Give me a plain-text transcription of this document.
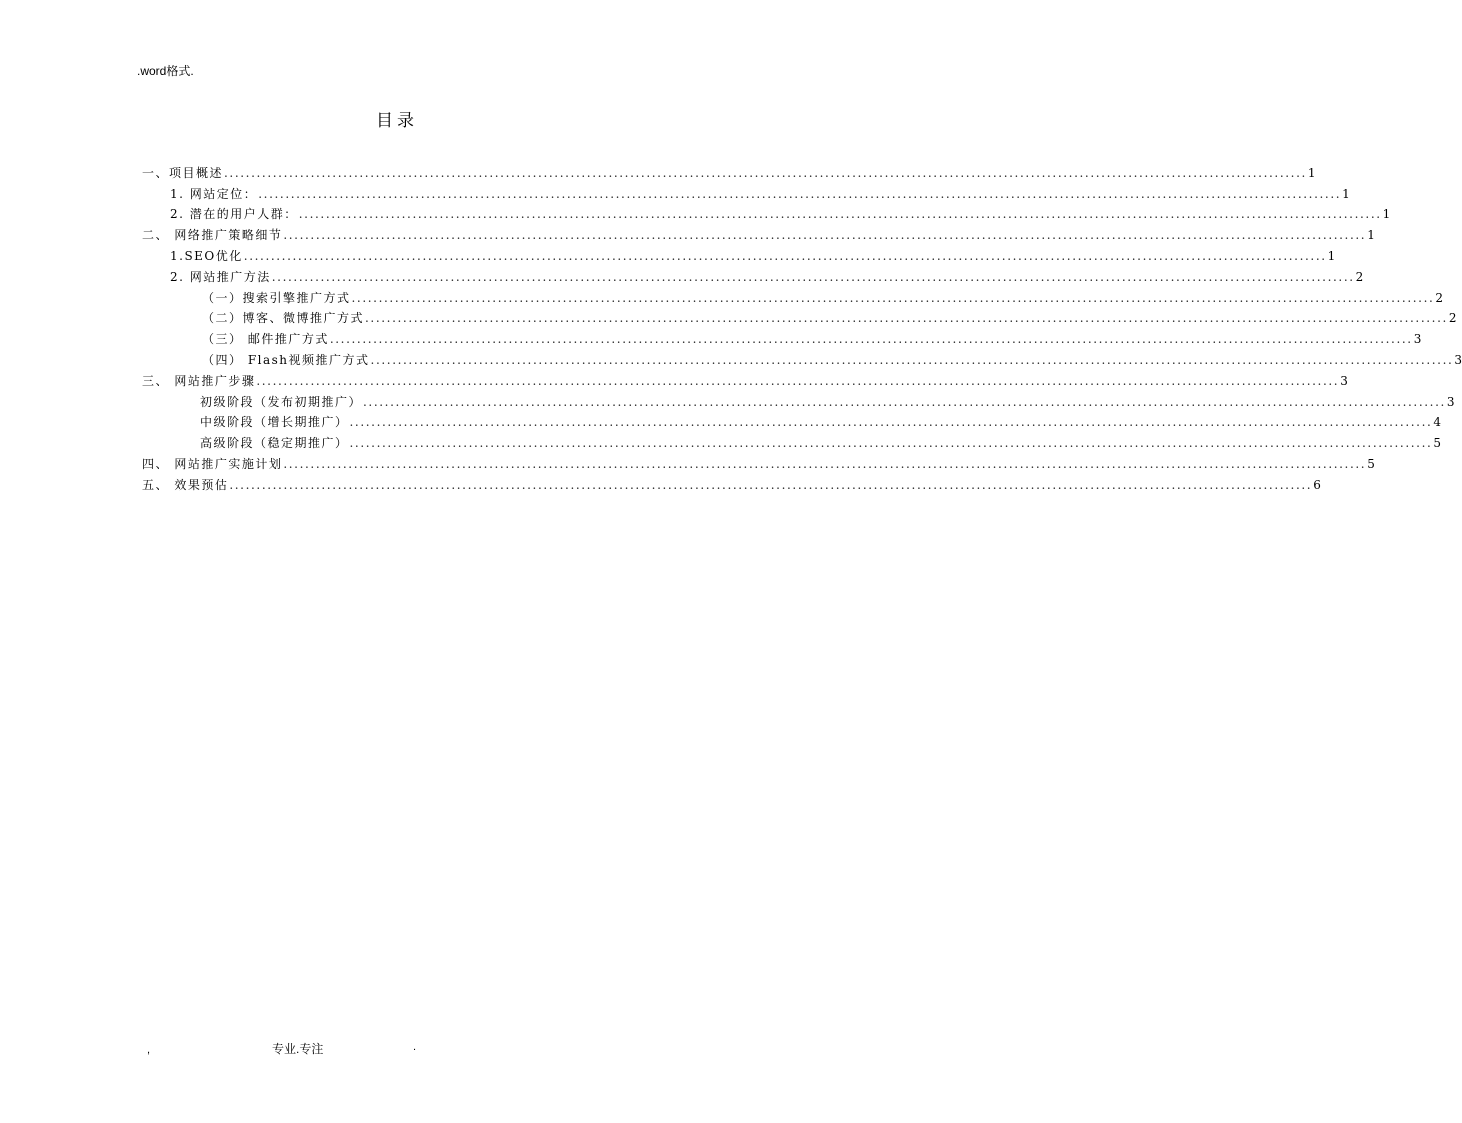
.word格式.
目录
一、项目概述 ........................................................................................................................................................................................................ 1
1. 网站定位： ........................................................................................................................................................................................................ 1
2. 潜在的用户人群： ........................................................................................................................................................................................................ 1
二、 网络推广策略细节 ........................................................................................................................................................................................................ 1
1.SEO优化 ........................................................................................................................................................................................................ 1
2. 网站推广方法 ........................................................................................................................................................................................................ 2
（一）搜索引擎推广方式 ........................................................................................................................................................................................................ 2
（二）博客、微博推广方式 ........................................................................................................................................................................................................ 2
（三） 邮件推广方式 ........................................................................................................................................................................................................ 3
（四） Flash视频推广方式 ........................................................................................................................................................................................................ 3
三、 网站推广步骤 ........................................................................................................................................................................................................ 3
初级阶段（发布初期推广） ........................................................................................................................................................................................................ 3
中级阶段（增长期推广） ........................................................................................................................................................................................................ 4
高级阶段（稳定期推广） ........................................................................................................................................................................................................ 5
四、 网站推广实施计划 ........................................................................................................................................................................................................ 5
五、 效果预估 ........................................................................................................................................................................................................ 6
,	专业.专注	.
